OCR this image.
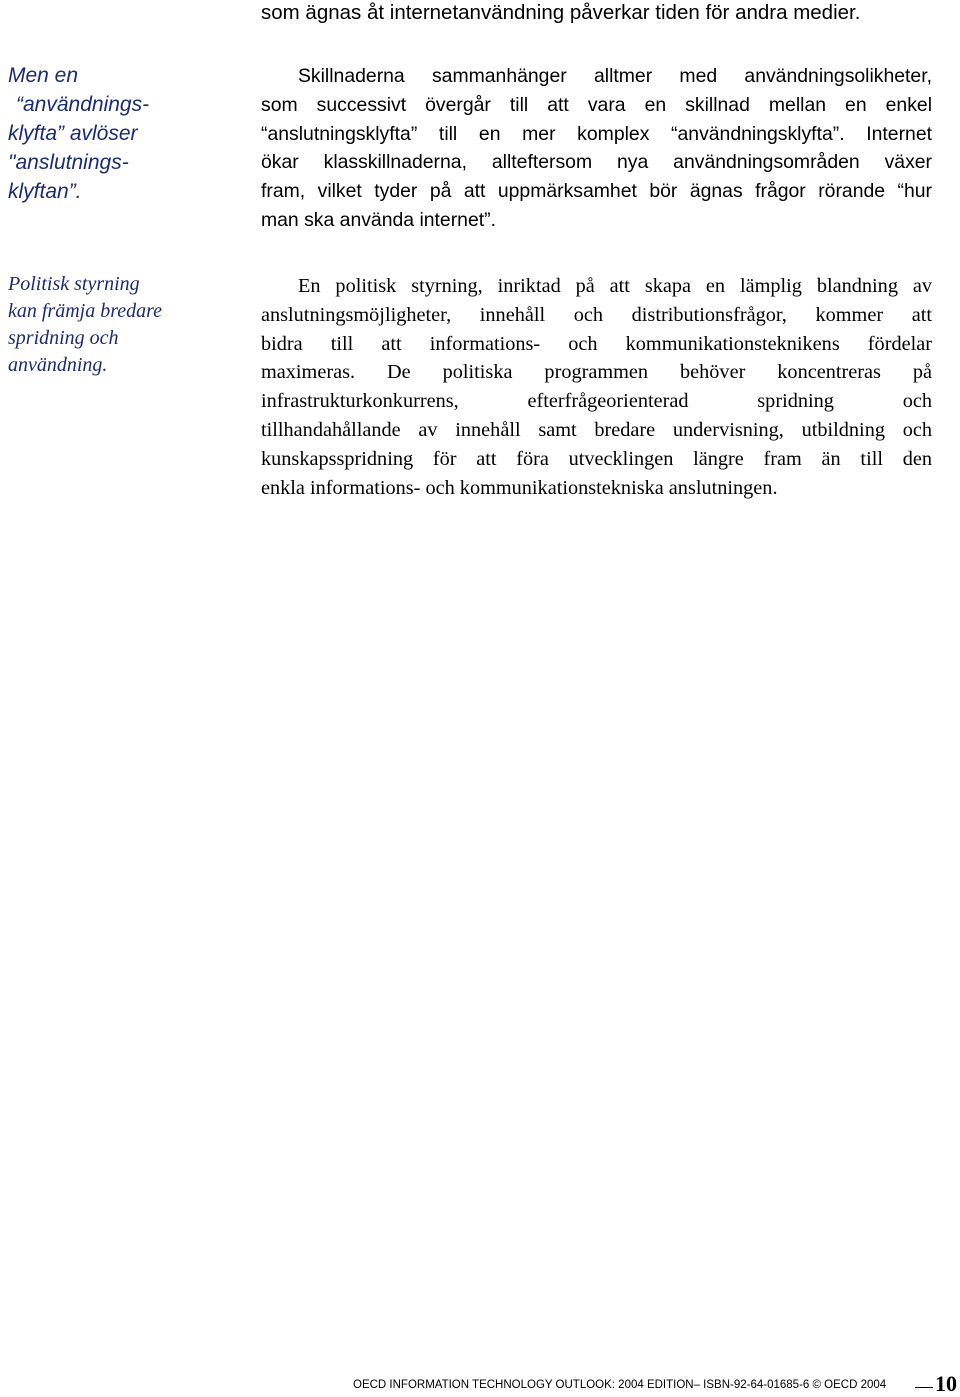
som ägnas åt internetanvändning påverkar tiden för andra medier.
Men en
“användnings-
klyfta” avlöser
"anslutnings-
klyftan”.
Skillnaderna sammanhänger alltmer med användningsolikheter,
som successivt övergår till att vara en skillnad mellan en enkel
“anslutningsklyfta” till en mer komplex “användningsklyfta”. Internet
ökar klasskillnaderna, allteftersom nya användningsområden växer
fram, vilket tyder på att uppmärksamhet bör ägnas frågor rörande “hur
man ska använda internet”.
Politisk styrning
kan främja bredare
spridning och
användning.
En politisk styrning, inriktad på att skapa en lämplig blandning av
anslutningsmöjligheter, innehåll och distributionsfrågor, kommer att
bidra till att informations- och kommunikationsteknikens fördelar
maximeras. De politiska programmen behöver koncentreras på
infrastrukturkonkurrens, efterfrågeorienterad spridning och
tillhandahållande av innehåll samt bredare undervisning, utbildning och
kunskapsspridning för att föra utvecklingen längre fram än till den
enkla informations- och kommunikationstekniska anslutningen.
OECD INFORMATION TECHNOLOGY OUTLOOK: 2004 EDITION– ISBN-92-64-01685-6 © OECD 2004 10
